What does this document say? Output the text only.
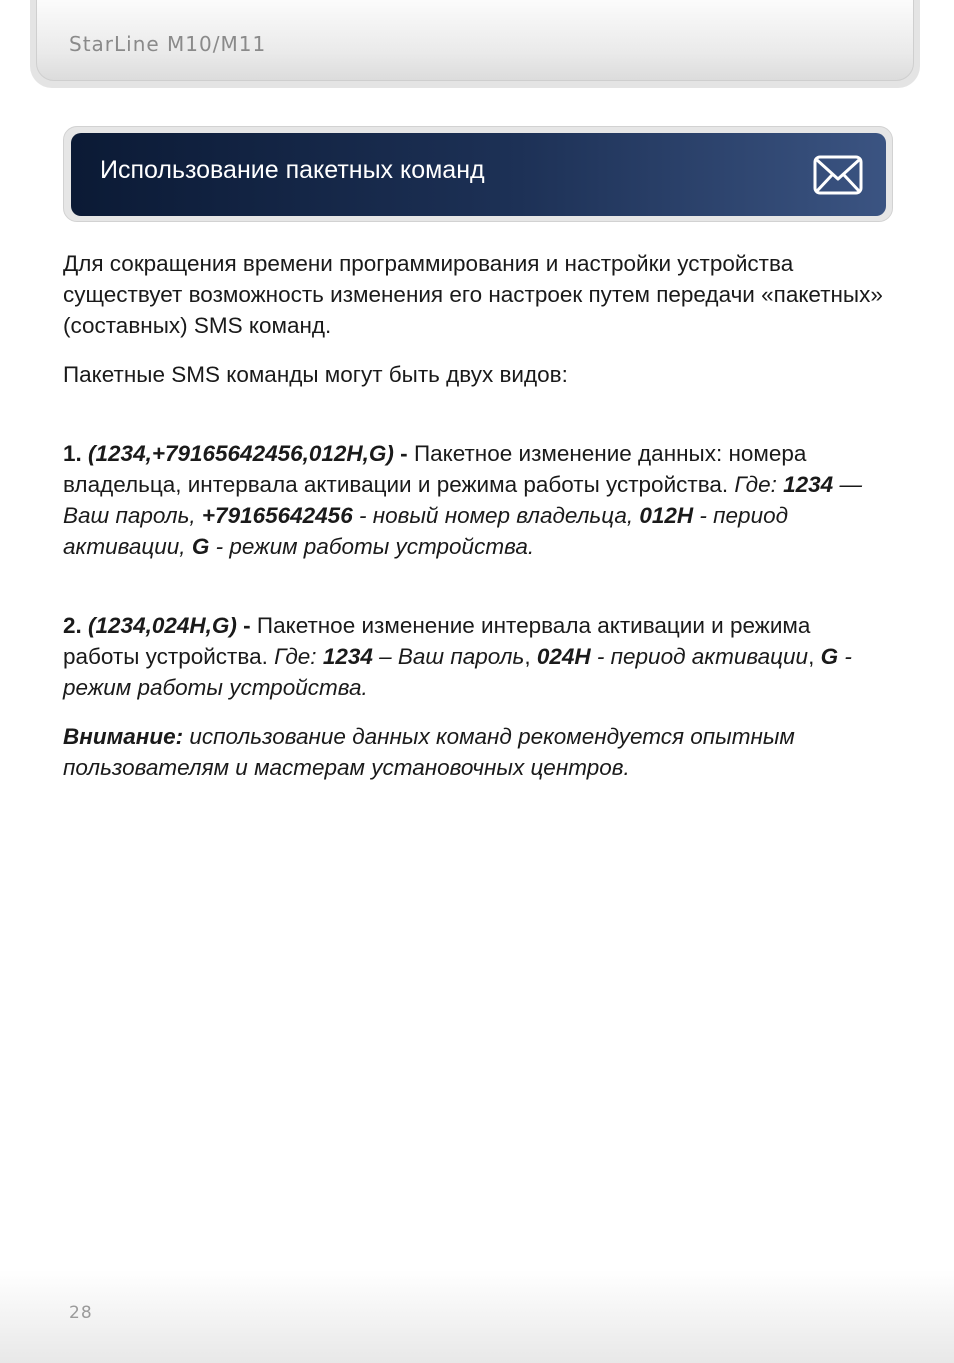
StarLine M10/M11
Использование пакетных команд

Для сокращения времени программирования и настройки устройства существует возможность изменения его настроек путем передачи «пакетных» (составных) SMS команд.

Пакетные SMS команды могут быть двух видов:

1. (1234,+79165642456,012H,G) - Пакетное изменение данных: номера владельца, интервала активации и режима работы устройства. Где: 1234 — Ваш пароль, +79165642456 - новый номер владельца, 012H - период активации, G - режим работы устройства.

2. (1234,024H,G) - Пакетное изменение интервала активации и режима работы устройства. Где: 1234 – Ваш пароль, 024H - период активации, G - режим работы устройства.

Внимание: использование данных команд рекомендуется опытным пользователям и мастерам установочных центров.

28
